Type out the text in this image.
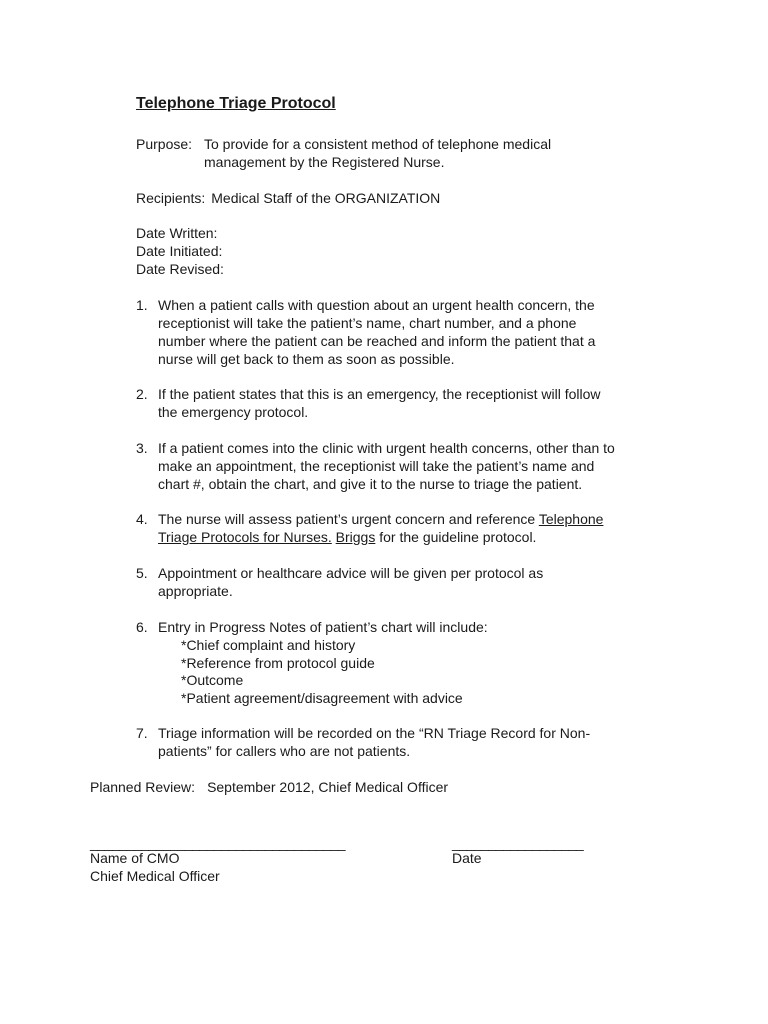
Telephone Triage Protocol
Purpose: To provide for a consistent method of telephone medical
management by the Registered Nurse.
Recipients: Medical Staff of the ORGANIZATION
Date Written:
Date Initiated:
Date Revised:
1. When a patient calls with question about an urgent health concern, the
receptionist will take the patient’s name, chart number, and a phone
number where the patient can be reached and inform the patient that a
nurse will get back to them as soon as possible.
2. If the patient states that this is an emergency, the receptionist will follow
the emergency protocol.
3. If a patient comes into the clinic with urgent health concerns, other than to
make an appointment, the receptionist will take the patient’s name and
chart #, obtain the chart, and give it to the nurse to triage the patient.
4. The nurse will assess patient’s urgent concern and reference Telephone
Triage Protocols for Nurses. Briggs for the guideline protocol.
5. Appointment or healthcare advice will be given per protocol as
appropriate.
6. Entry in Progress Notes of patient’s chart will include:
*Chief complaint and history
*Reference from protocol guide
*Outcome
*Patient agreement/disagreement with advice
7. Triage information will be recorded on the “RN Triage Record for Non-
patients” for callers who are not patients.
Planned Review: September 2012, Chief Medical Officer
___________________________________	__________________
Name of CMO	Date
Chief Medical Officer
